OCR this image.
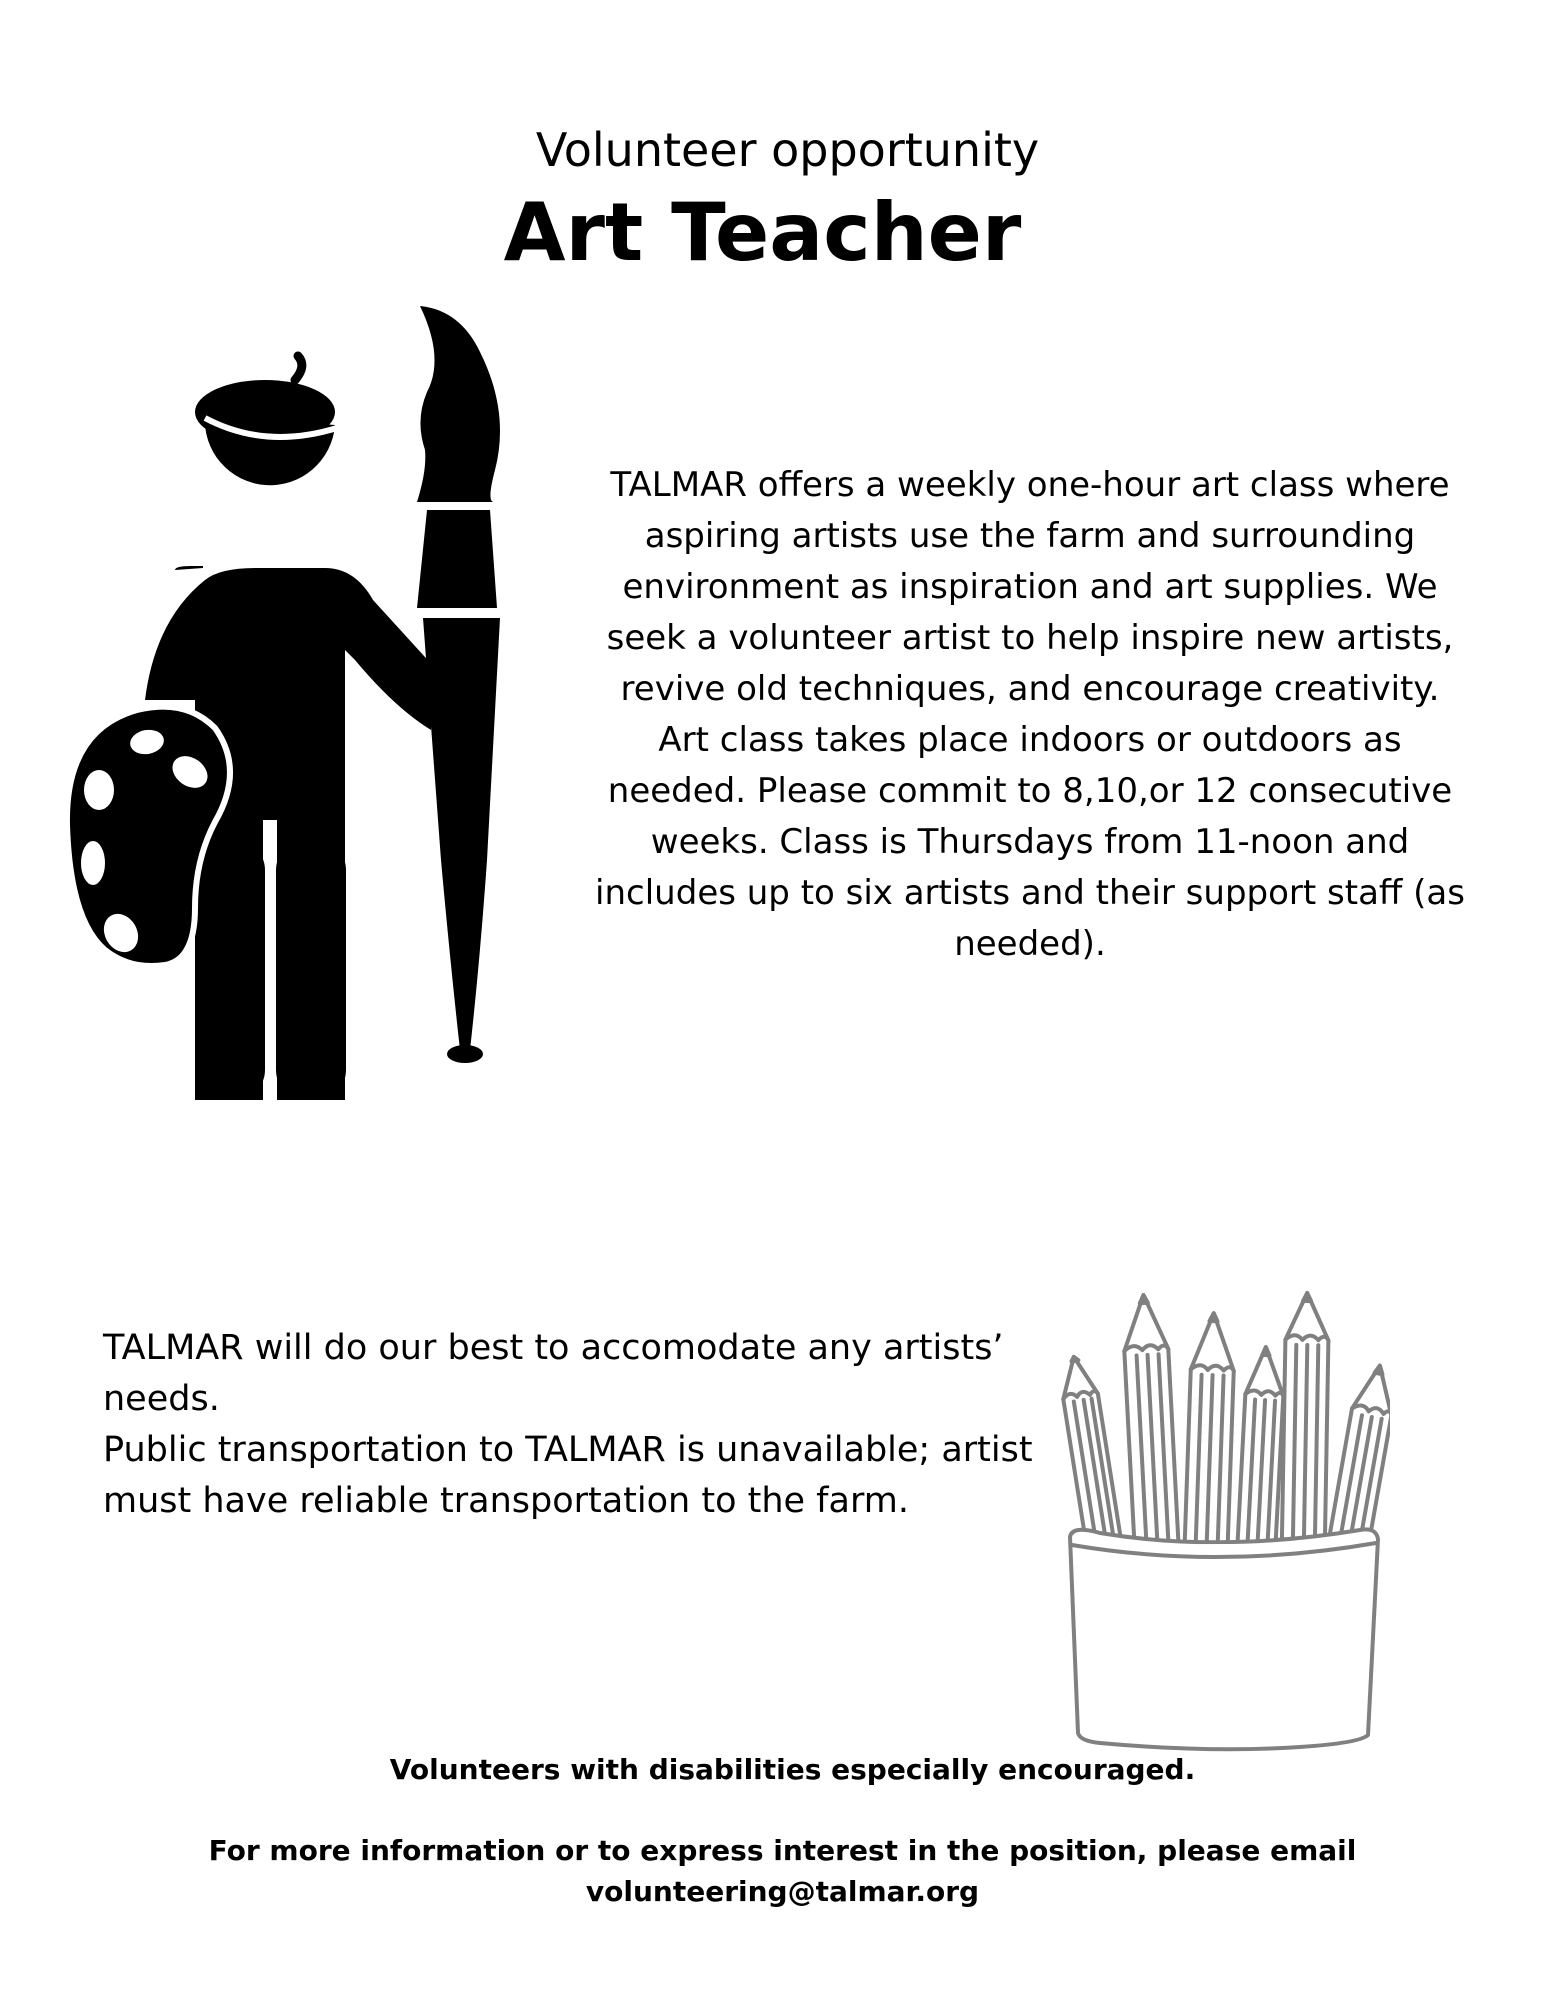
Volunteer opportunity
Art Teacher

TALMAR offers a weekly one-hour art class where aspiring artists use the farm and surrounding environment as inspiration and art supplies. We seek a volunteer artist to help inspire new artists, revive old techniques, and encourage creativity. Art class takes place indoors or outdoors as needed. Please commit to 8,10,or 12 consecutive weeks. Class is Thursdays from 11-noon and includes up to six artists and their support staff (as needed).

TALMAR will do our best to accomodate any artists’ needs.

Public transportation to TALMAR is unavailable; artist must have reliable transportation to the farm.

Volunteers with disabilities especially encouraged.

For more information or to express interest in the position, please email
volunteering@talmar.org
